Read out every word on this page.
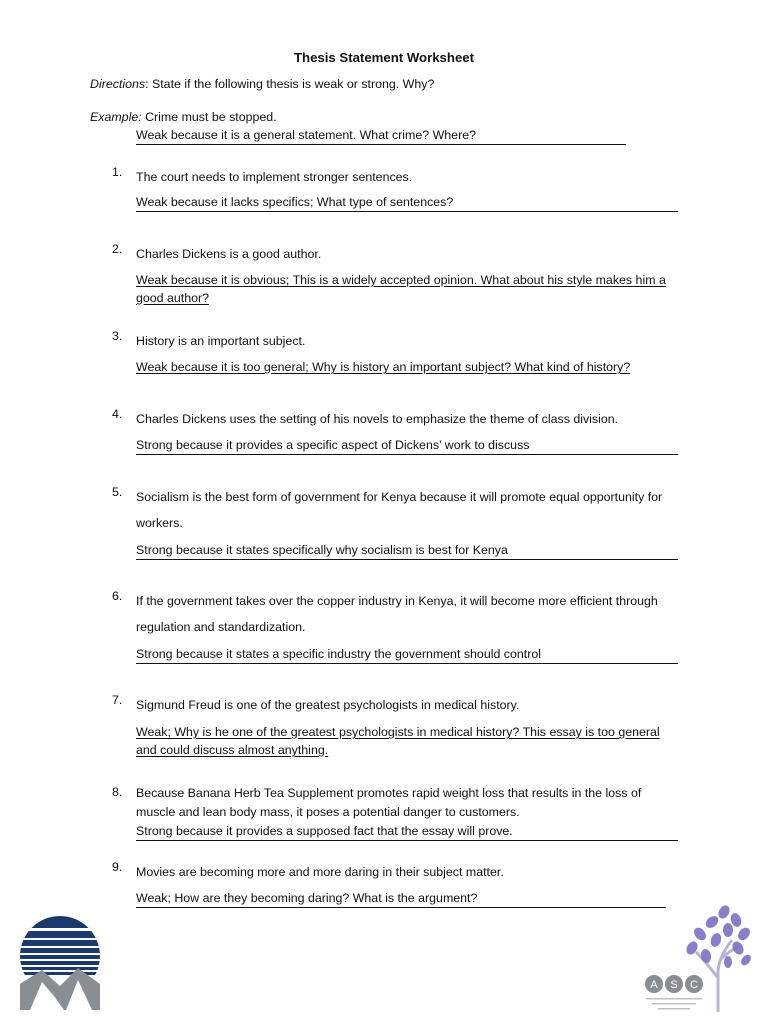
Thesis Statement Worksheet
Directions: State if the following thesis is weak or strong. Why?
Example: Crime must be stopped.
Weak because it is a general statement. What crime? Where?
1.	The court needs to implement stronger sentences.
Weak because it lacks specifics; What type of sentences?
2.	Charles Dickens is a good author.
Weak because it is obvious; This is a widely accepted opinion. What about his style makes him a good author?
3.	History is an important subject.
Weak because it is too general; Why is history an important subject? What kind of history?
4.	Charles Dickens uses the setting of his novels to emphasize the theme of class division.
Strong because it provides a specific aspect of Dickens’ work to discuss
5.	Socialism is the best form of government for Kenya because it will promote equal opportunity for workers.
Strong because it states specifically why socialism is best for Kenya
6.	If the government takes over the copper industry in Kenya, it will become more efficient through regulation and standardization.
Strong because it states a specific industry the government should control
7.	Sigmund Freud is one of the greatest psychologists in medical history.
Weak; Why is he one of the greatest psychologists in medical history? This essay is too general and could discuss almost anything.
8.	Because Banana Herb Tea Supplement promotes rapid weight loss that results in the loss of muscle and lean body mass, it poses a potential danger to customers.
Strong because it provides a supposed fact that the essay will prove.
9.	Movies are becoming more and more daring in their subject matter.
Weak; How are they becoming daring? What is the argument?
A S C
